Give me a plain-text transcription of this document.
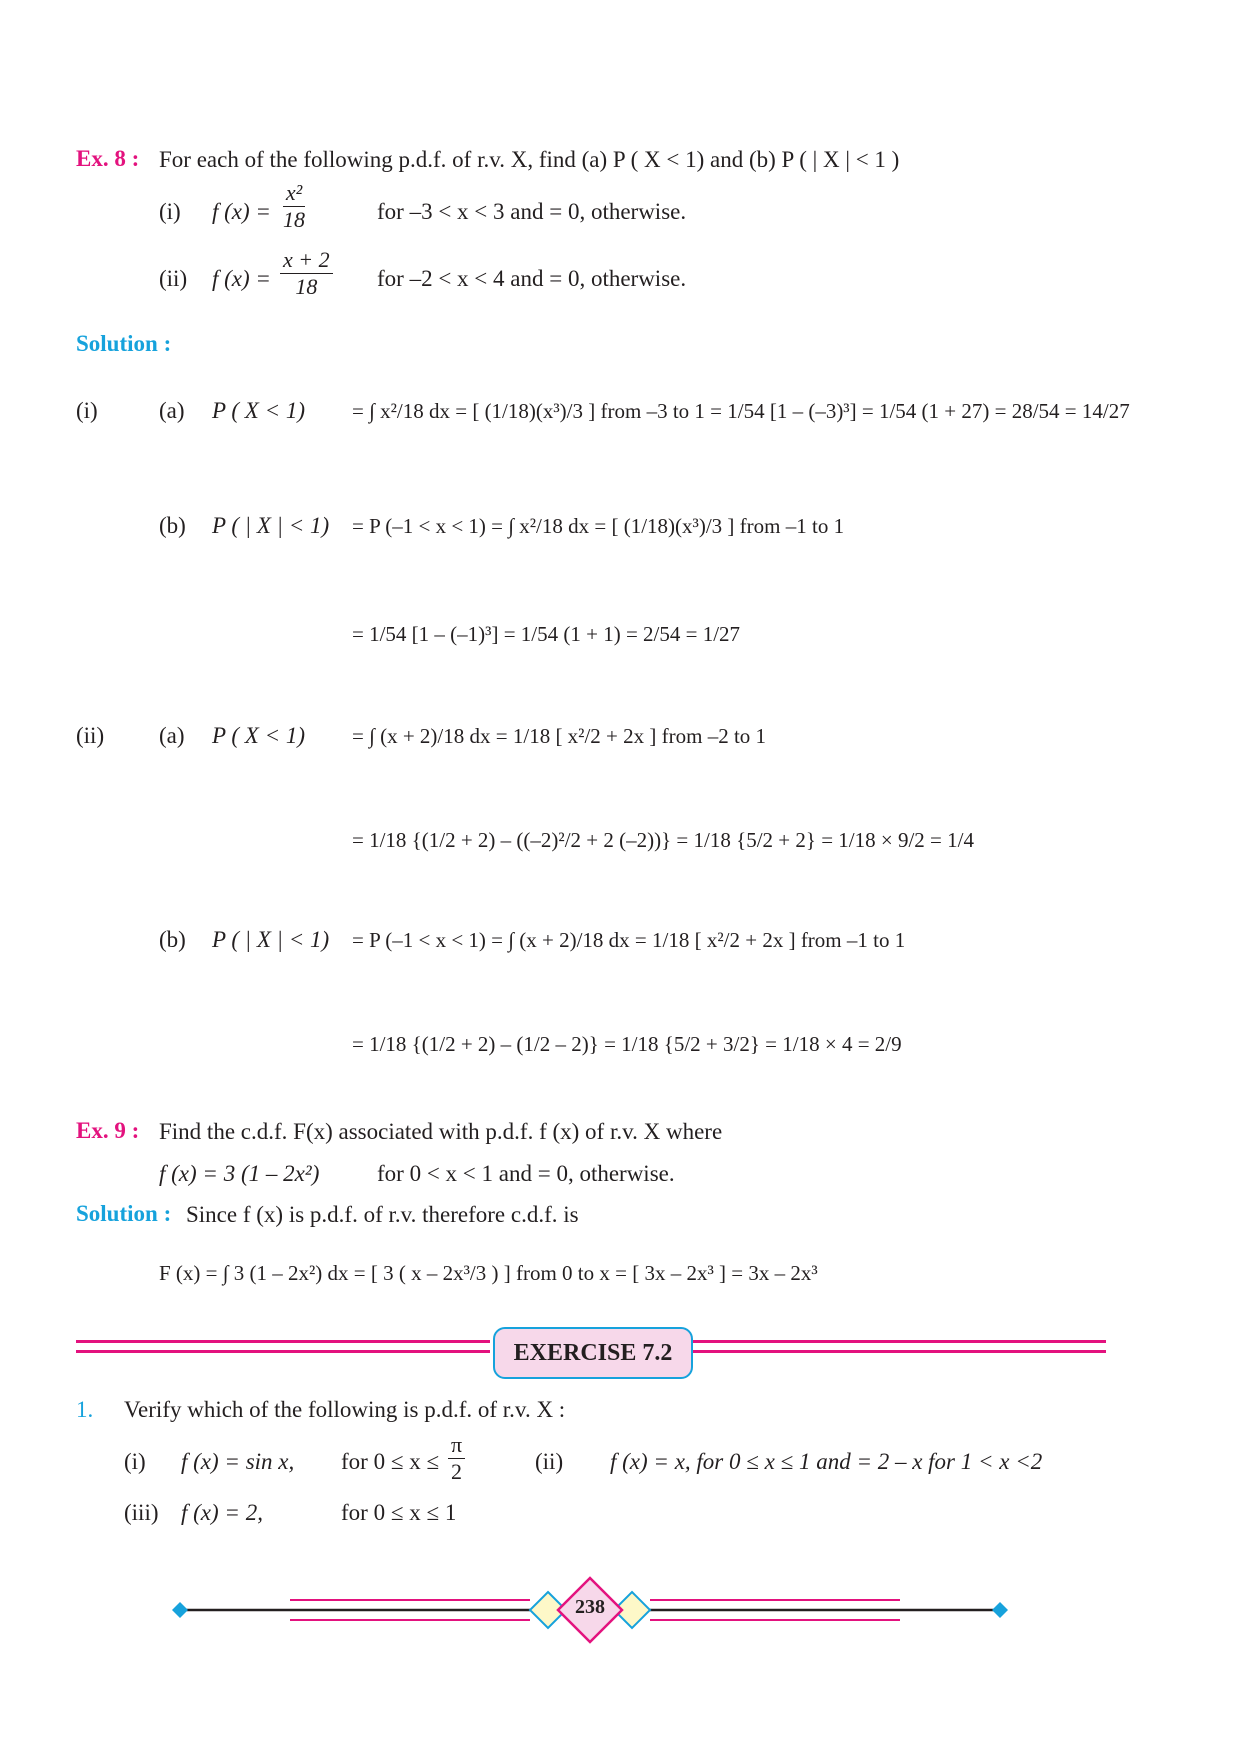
Ex. 8 : For each of the following p.d.f. of r.v. X, find (a) P ( X < 1) and (b) P ( | X | < 1 )
(i) f $(x) = \frac{\text{x²}}{18}$	for –3 < x < 3 and = 0, otherwise.
(ii) f $(x) = \frac{x + 2}{18}$ for –2 < x < 4 and = 0, otherwise.
Solution :
(i)	(a) P ( X < 1) = ∫ x²/18 dx = [ (1/18)(x³)/3 ] from –3 to 1 = 1/54 [1 – (–3)³] = 1/54 (1 + 27) = 28/54 = 14/27
(b) P ( | X | < 1) = P (–1 < x < 1) = ∫ x²/18 dx = [ (1/18)(x³)/3 ] from –1 to 1
= 1/54 [1 – (–1)³] = 1/54 (1 + 1) = 2/54 = 1/27
(ii) (a) P ( X < 1) = ∫ (x + 2)/18 dx = 1/18 [ x²/2 + 2x ] from –2 to 1
= 1/18 {(1/2 + 2) – ((–2)²/2 + 2 (–2))} = 1/18 {5/2 + 2} = 1/18 × 9/2 = 1/4
(b) P ( | X | < 1) = P (–1 < x < 1) = ∫ (x + 2)/18 dx = 1/18 [ x²/2 + 2x ] from –1 to 1
= 1/18 {(1/2 + 2) – (1/2 – 2)} = 1/18 {5/2 + 3/2} = 1/18 × 4 = 2/9
Ex. 9 : Find the c.d.f. F(x) associated with p.d.f. f (x) of r.v. X where
f (x) = 3 (1 – 2x²)	for 0 < x < 1 and = 0, otherwise.
Solution : Since f (x) is p.d.f. of r.v. therefore c.d.f. is
F (x) = ∫ 3 (1 – 2x²) dx = [ 3 ( x – 2x³/3 ) ] from 0 to x = [ 3x – 2x³ ] = 3x – 2x³
EXERCISE 7.2
1. Verify which of the following is p.d.f. of r.v. X :
(i) f (x) = sin x, for $0 \le x \le \frac{\pi}{2}$	(ii) f (x) = x, for 0 ≤ x ≤ 1 and = 2 – x for 1 < x <2
(iii) f (x) = 2,	for 0 ≤ x ≤ 1
238
